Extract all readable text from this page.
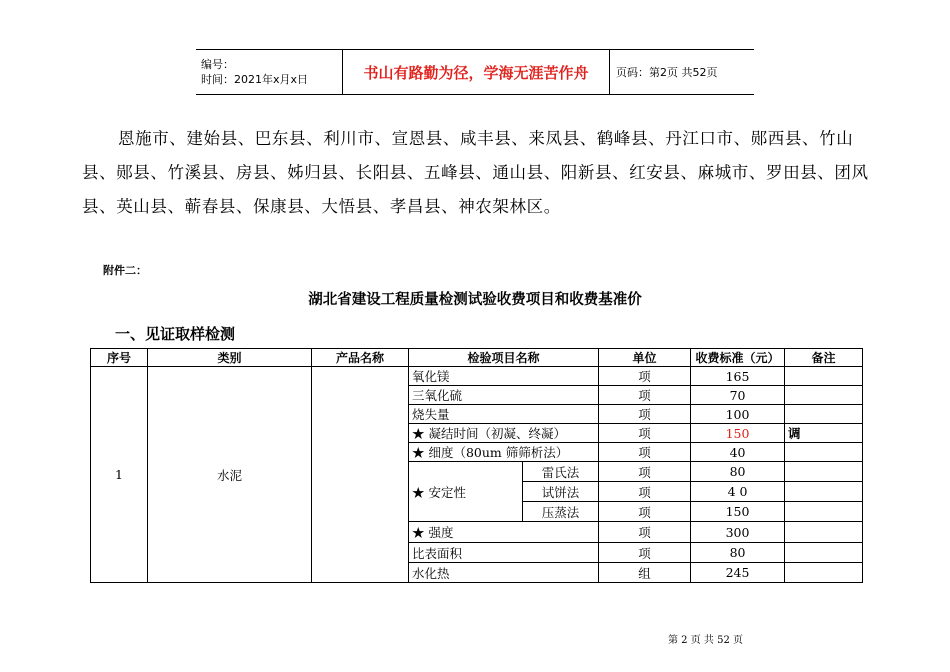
编号：
时间：2021年x月x日	书山有路勤为径，学海无涯苦作舟	页码：第2页 共52页
恩施市、建始县、巴东县、利川市、宣恩县、咸丰县、来凤县、鹤峰县、丹江口市、郧西县、竹山县、郧县、竹溪县、房县、姊归县、长阳县、五峰县、通山县、阳新县、红安县、麻城市、罗田县、团风县、英山县、蕲春县、保康县、大悟县、孝昌县、神农架林区。
附件二：
湖北省建设工程质量检测试验收费项目和收费基准价
一、见证取样检测
序号	类别	产品名称	检验项目名称		单位	收费标准（元）	备注
1	水泥		氧化镁		项	165	
			三氧化硫		项	70	
			烧失量		项	100	
			★ 凝结时间（初凝、终凝）		项	150	调
			★ 细度（80um 筛筛析法）		项	40	
			★ 安定性	雷氏法	项	80	
				试饼法	项	4 0	
				压蒸法	项	150	
			★ 强度		项	300	
			比表面积		项	80	
			水化热		组	245	
第 2 页 共 52 页
